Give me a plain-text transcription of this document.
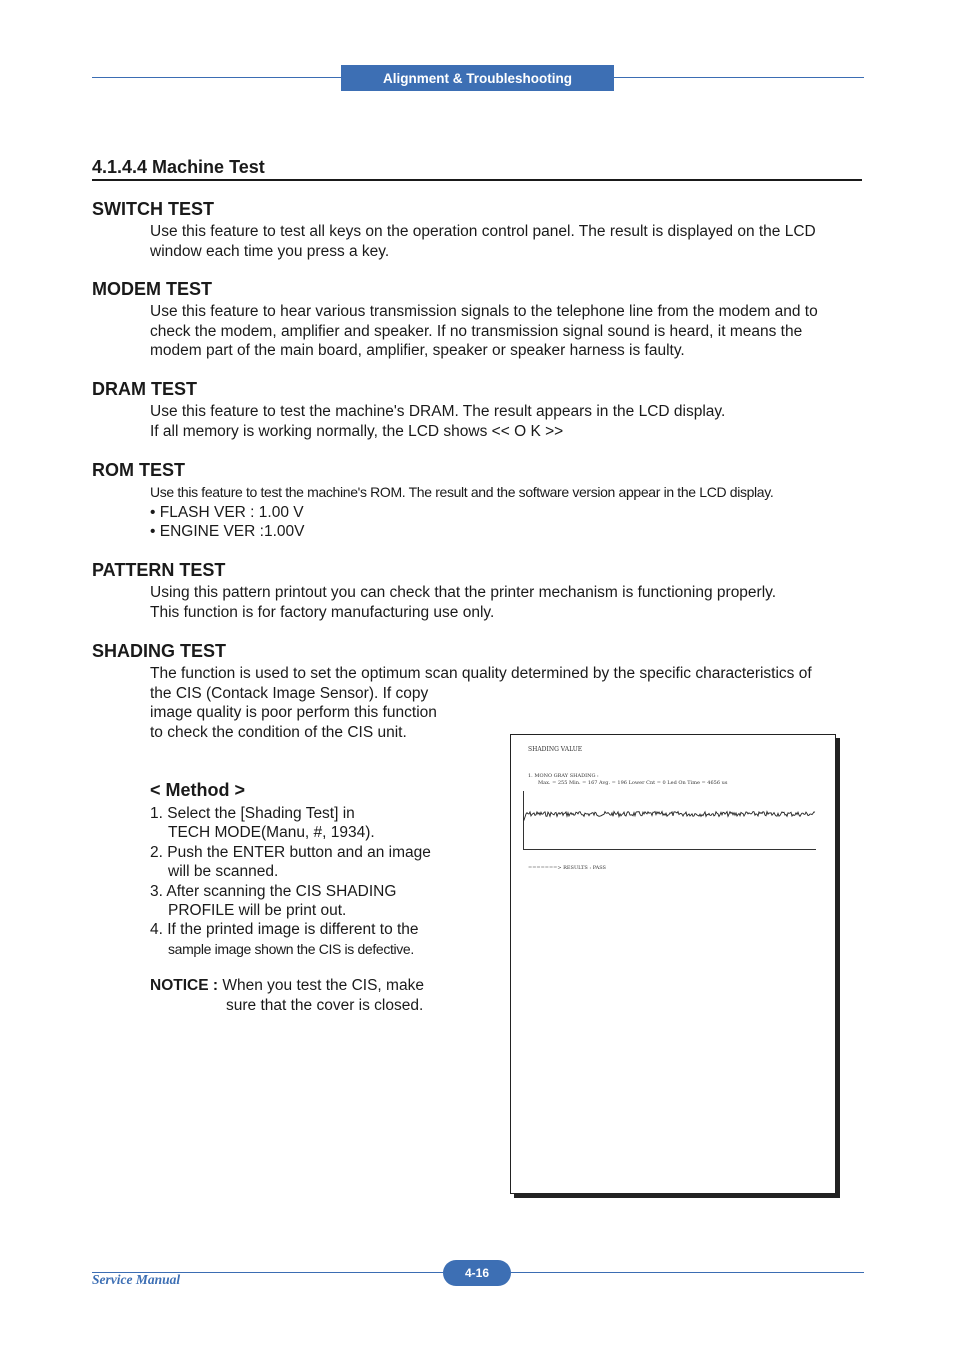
Alignment & Troubleshooting
4.1.4.4 Machine Test
SWITCH TEST
Use this feature to test all keys on the operation control panel. The result is displayed on the LCD
window each time you press a key.
MODEM TEST
Use this feature to hear various transmission signals to the telephone line from the modem and to
check the modem, amplifier and speaker. If no transmission signal sound is heard, it means the
modem part of the main board, amplifier, speaker or speaker harness is faulty.
DRAM TEST
Use this feature to test the machine's DRAM. The result appears in the LCD display.
If all memory is working normally, the LCD shows << O K >>
ROM TEST
Use this feature to test the machine's ROM. The result and the software version appear in the LCD display.
• FLASH VER : 1.00 V
• ENGINE VER :1.00V
PATTERN TEST
Using this pattern printout you can check that the printer mechanism is functioning properly.
This function is for factory manufacturing use only.
SHADING TEST
The function is used to set the optimum scan quality determined by the specific characteristics of
the CIS (Contack Image Sensor). If copy
image quality is poor perform this function
to check the condition of the CIS unit.
< Method >
1. Select the [Shading Test] in
TECH MODE(Manu, #, 1934).
2. Push the ENTER button and an image
will be scanned.
3. After scanning the CIS SHADING
PROFILE will be print out.
4. If the printed image is different to the
sample image shown the CIS is defective.
NOTICE : When you test the CIS, make
sure that the cover is closed.
SHADING VALUE
1. MONO GRAY SHADING :
Max. = 255 Min. = 167 Avg. = 196 Lower Cnt = 0 Led On Time = 4656 us
=======> RESULTS : PASS
Service Manual	4-16
